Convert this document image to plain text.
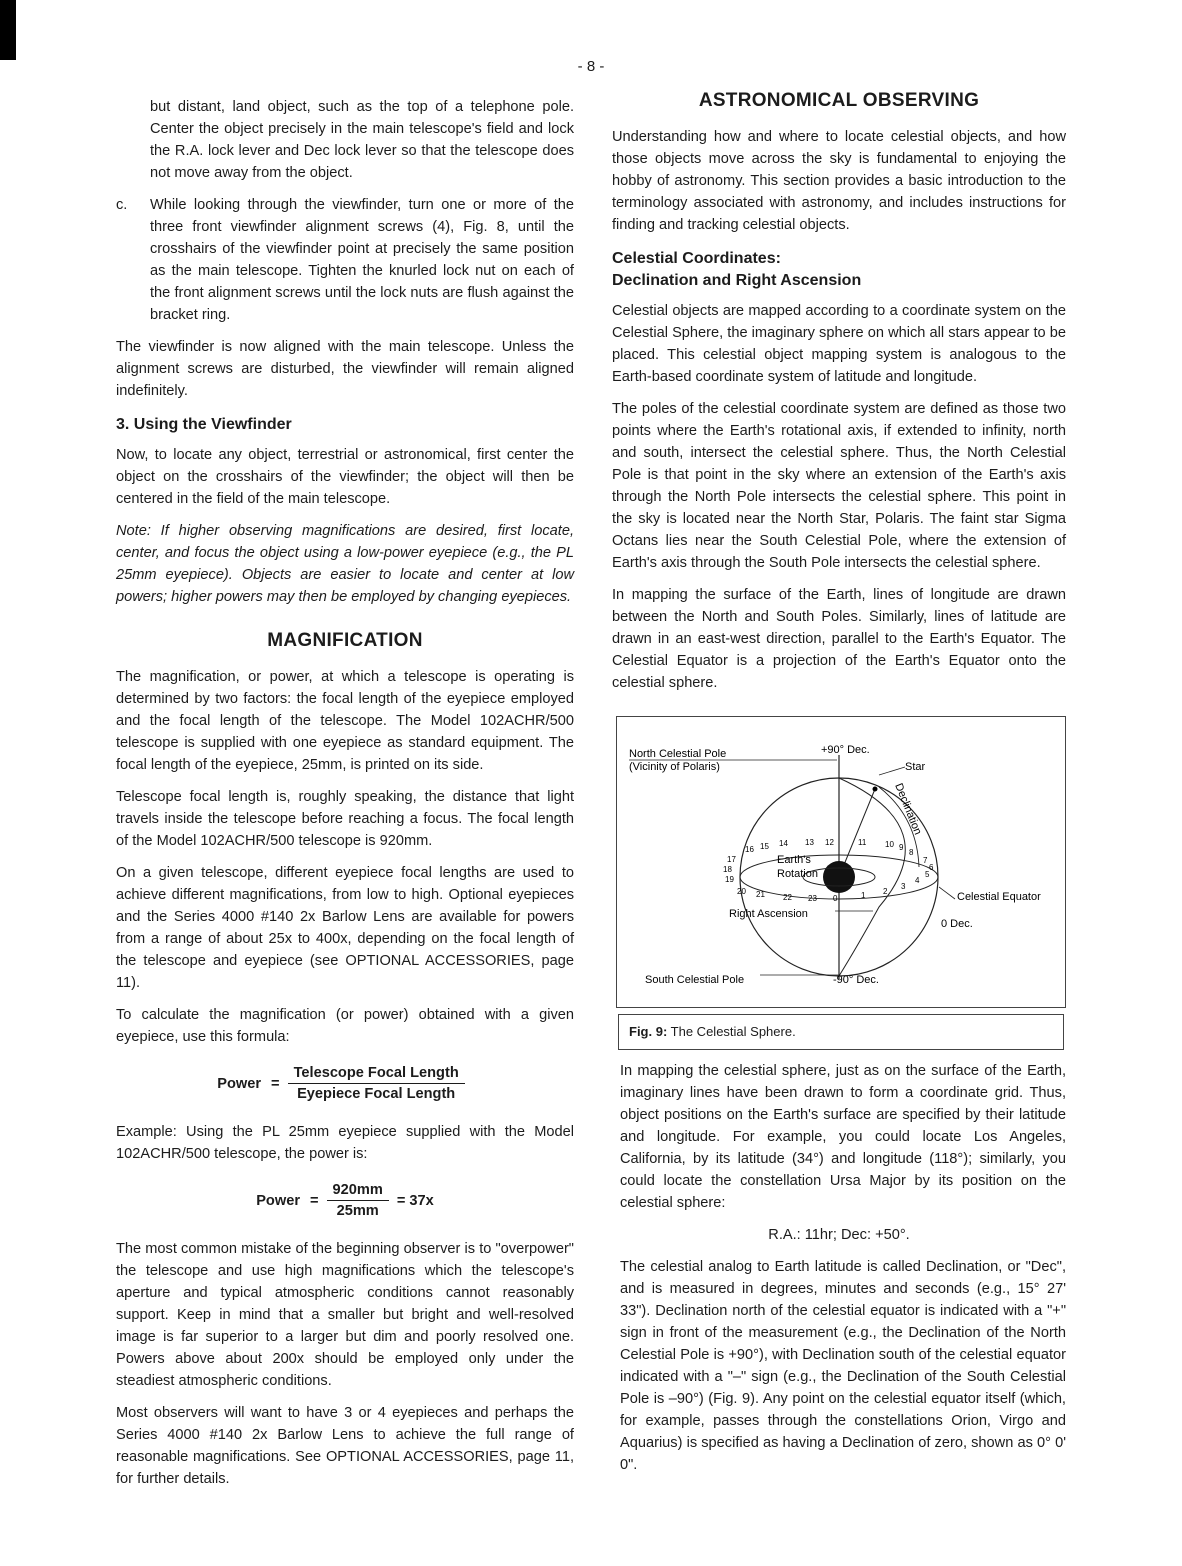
- 8 -

but distant, land object, such as the top of a telephone pole. Center the object precisely in the main telescope's field and lock the R.A. lock lever and Dec lock lever so that the telescope does not move away from the object.

c. While looking through the viewfinder, turn one or more of the three front viewfinder alignment screws (4), Fig. 8, until the crosshairs of the viewfinder point at precisely the same position as the main telescope. Tighten the knurled lock nut on each of the front alignment screws until the lock nuts are flush against the bracket ring.

The viewfinder is now aligned with the main telescope. Unless the alignment screws are disturbed, the viewfinder will remain aligned indefinitely.

3. Using the Viewfinder

Now, to locate any object, terrestrial or astronomical, first center the object on the crosshairs of the viewfinder; the object will then be centered in the field of the main telescope.

Note: If higher observing magnifications are desired, first locate, center, and focus the object using a low-power eyepiece (e.g., the PL 25mm eyepiece). Objects are easier to locate and center at low powers; higher powers may then be employed by changing eyepieces.

MAGNIFICATION

The magnification, or power, at which a telescope is operating is determined by two factors: the focal length of the eyepiece employed and the focal length of the telescope. The Model 102ACHR/500 telescope is supplied with one eyepiece as standard equipment. The focal length of the eyepiece, 25mm, is printed on its side.

Telescope focal length is, roughly speaking, the distance that light travels inside the telescope before reaching a focus. The focal length of the Model 102ACHR/500 telescope is 920mm.

On a given telescope, different eyepiece focal lengths are used to achieve different magnifications, from low to high. Optional eyepieces and the Series 4000 #140 2x Barlow Lens are available for powers from a range of about 25x to 400x, depending on the focal length of the telescope and eyepiece (see OPTIONAL ACCESSORIES, page 11).

To calculate the magnification (or power) obtained with a given eyepiece, use this formula:

Power = $\frac{\text{Telescope Focal Length}}{\text{Eyepiece Focal Length}}$

Example: Using the PL 25mm eyepiece supplied with the Model 102ACHR/500 telescope, the power is:

Power = $\frac{920mm}{25mm} = 37x$

The most common mistake of the beginning observer is to "overpower" the telescope and use high magnifications which the telescope's aperture and typical atmospheric conditions cannot reasonably support. Keep in mind that a smaller but bright and well-resolved image is far superior to a larger but dim and poorly resolved one. Powers above about 200x should be employed only under the steadiest atmospheric conditions.

Most observers will want to have 3 or 4 eyepieces and perhaps the Series 4000 #140 2x Barlow Lens to achieve the full range of reasonable magnifications. See OPTIONAL ACCESSORIES, page 11, for further details.

ASTRONOMICAL OBSERVING

Understanding how and where to locate celestial objects, and how those objects move across the sky is fundamental to enjoying the hobby of astronomy. This section provides a basic introduction to the terminology associated with astronomy, and includes instructions for finding and tracking celestial objects.

Celestial Coordinates:
Declination and Right Ascension

Celestial objects are mapped according to a coordinate system on the Celestial Sphere, the imaginary sphere on which all stars appear to be placed. This celestial object mapping system is analogous to the Earth-based coordinate system of latitude and longitude.

The poles of the celestial coordinate system are defined as those two points where the Earth's rotational axis, if extended to infinity, north and south, intersect the celestial sphere. Thus, the North Celestial Pole is that point in the sky where an extension of the Earth's axis through the North Pole intersects the celestial sphere. This point in the sky is located near the North Star, Polaris. The faint star Sigma Octans lies near the South Celestial Pole, where the extension of Earth's axis through the South Pole intersects the celestial sphere.

In mapping the surface of the Earth, lines of longitude are drawn between the North and South Poles. Similarly, lines of latitude are drawn in an east-west direction, parallel to the Earth's Equator. The Celestial Equator is a projection of the Earth's Equator onto the celestial sphere.

North Celestial Pole
(Vicinity of Polaris)
+90° Dec.
Star
Declination
Earth's
Rotation
Right Ascension
Celestial Equator
0 Dec.
South Celestial Pole	-90° Dec.
16 15 14 13 12	11 10 9
17
18
19
8
7
6
5
20 21 22 23 0	1 2
3
4
Fig. 9: The Celestial Sphere.

In mapping the celestial sphere, just as on the surface of the Earth, imaginary lines have been drawn to form a coordinate grid. Thus, object positions on the Earth's surface are specified by their latitude and longitude. For example, you could locate Los Angeles, California, by its latitude (34°) and longitude (118°); similarly, you could locate the constellation Ursa Major by its position on the celestial sphere:

R.A.: 11hr; Dec: +50°.

The celestial analog to Earth latitude is called Declination, or "Dec", and is measured in degrees, minutes and seconds (e.g., 15° 27' 33"). Declination north of the celestial equator is indicated with a "+" sign in front of the measurement (e.g., the Declination of the North Celestial Pole is +90°), with Declination south of the celestial equator indicated with a "–" sign (e.g., the Declination of the South Celestial Pole is –90°) (Fig. 9). Any point on the celestial equator itself (which, for example, passes through the constellations Orion, Virgo and Aquarius) is specified as having a Declination of zero, shown as 0° 0' 0".
